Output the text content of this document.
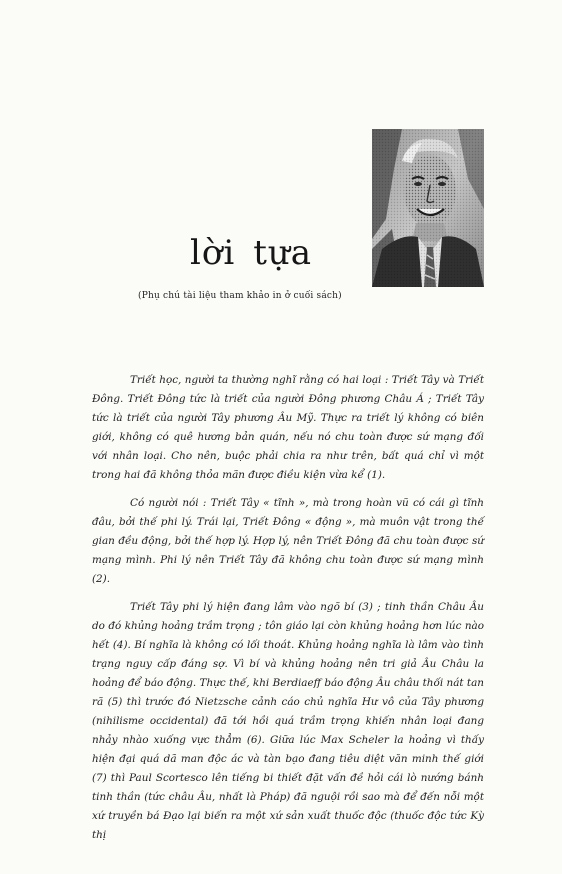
lời tựa
(Phụ chú tài liệu tham khảo in ở cuối sách)

Triết học, người ta thường nghĩ rằng có hai loại : Triết Tây và Triết Đông. Triết Đông tức là triết của người Đông phương Châu Á ; Triết Tây tức là triết của người Tây phương Âu Mỹ. Thực ra triết lý không có biên giới, không có quê hương bản quán, nếu nó chu toàn được sứ mạng đối với nhân loại. Cho nên, buộc phải chia ra như trên, bất quá chỉ vì một trong hai đã không thỏa mãn được điều kiện vừa kể (1).

Có người nói : Triết Tây « tĩnh », mà trong hoàn vũ có cái gì tĩnh đâu, bởi thế phi lý. Trái lại, Triết Đông « động », mà muôn vật trong thế gian đều động, bởi thế hợp lý. Hợp lý, nên Triết Đông đã chu toàn được sứ mạng mình. Phi lý nên Triết Tây đã không chu toàn được sứ mạng mình (2).

Triết Tây phi lý hiện đang lâm vào ngõ bí (3) ; tinh thần Châu Âu do đó khủng hoảng trầm trọng ; tôn giáo lại còn khủng hoảng hơn lúc nào hết (4). Bí nghĩa là không có lối thoát. Khủng hoảng nghĩa là lâm vào tình trạng nguy cấp đáng sợ. Vì bí và khủng hoảng nên tri giả Âu Châu la hoảng để báo động. Thực thế, khi Berdiaeff báo động Âu châu thối nát tan rã (5) thì trước đó Nietzsche cảnh cáo chủ nghĩa Hư vô của Tây phương (nihilisme occidental) đã tới hồi quá trầm trọng khiến nhân loại đang nhảy nhào xuống vực thẳm (6). Giữa lúc Max Scheler la hoảng vì thấy hiện đại quá dã man độc ác và tàn bạo đang tiêu diệt văn minh thế giới (7) thì Paul Scortesco lên tiếng bi thiết đặt vấn đề hỏi cái lò nướng bánh tinh thần (tức châu Âu, nhất là Pháp) đã nguội rồi sao mà để đến nỗi một xứ truyền bá Đạo lại biến ra một xứ sản xuất thuốc độc (thuốc độc tức Kỳ thị
